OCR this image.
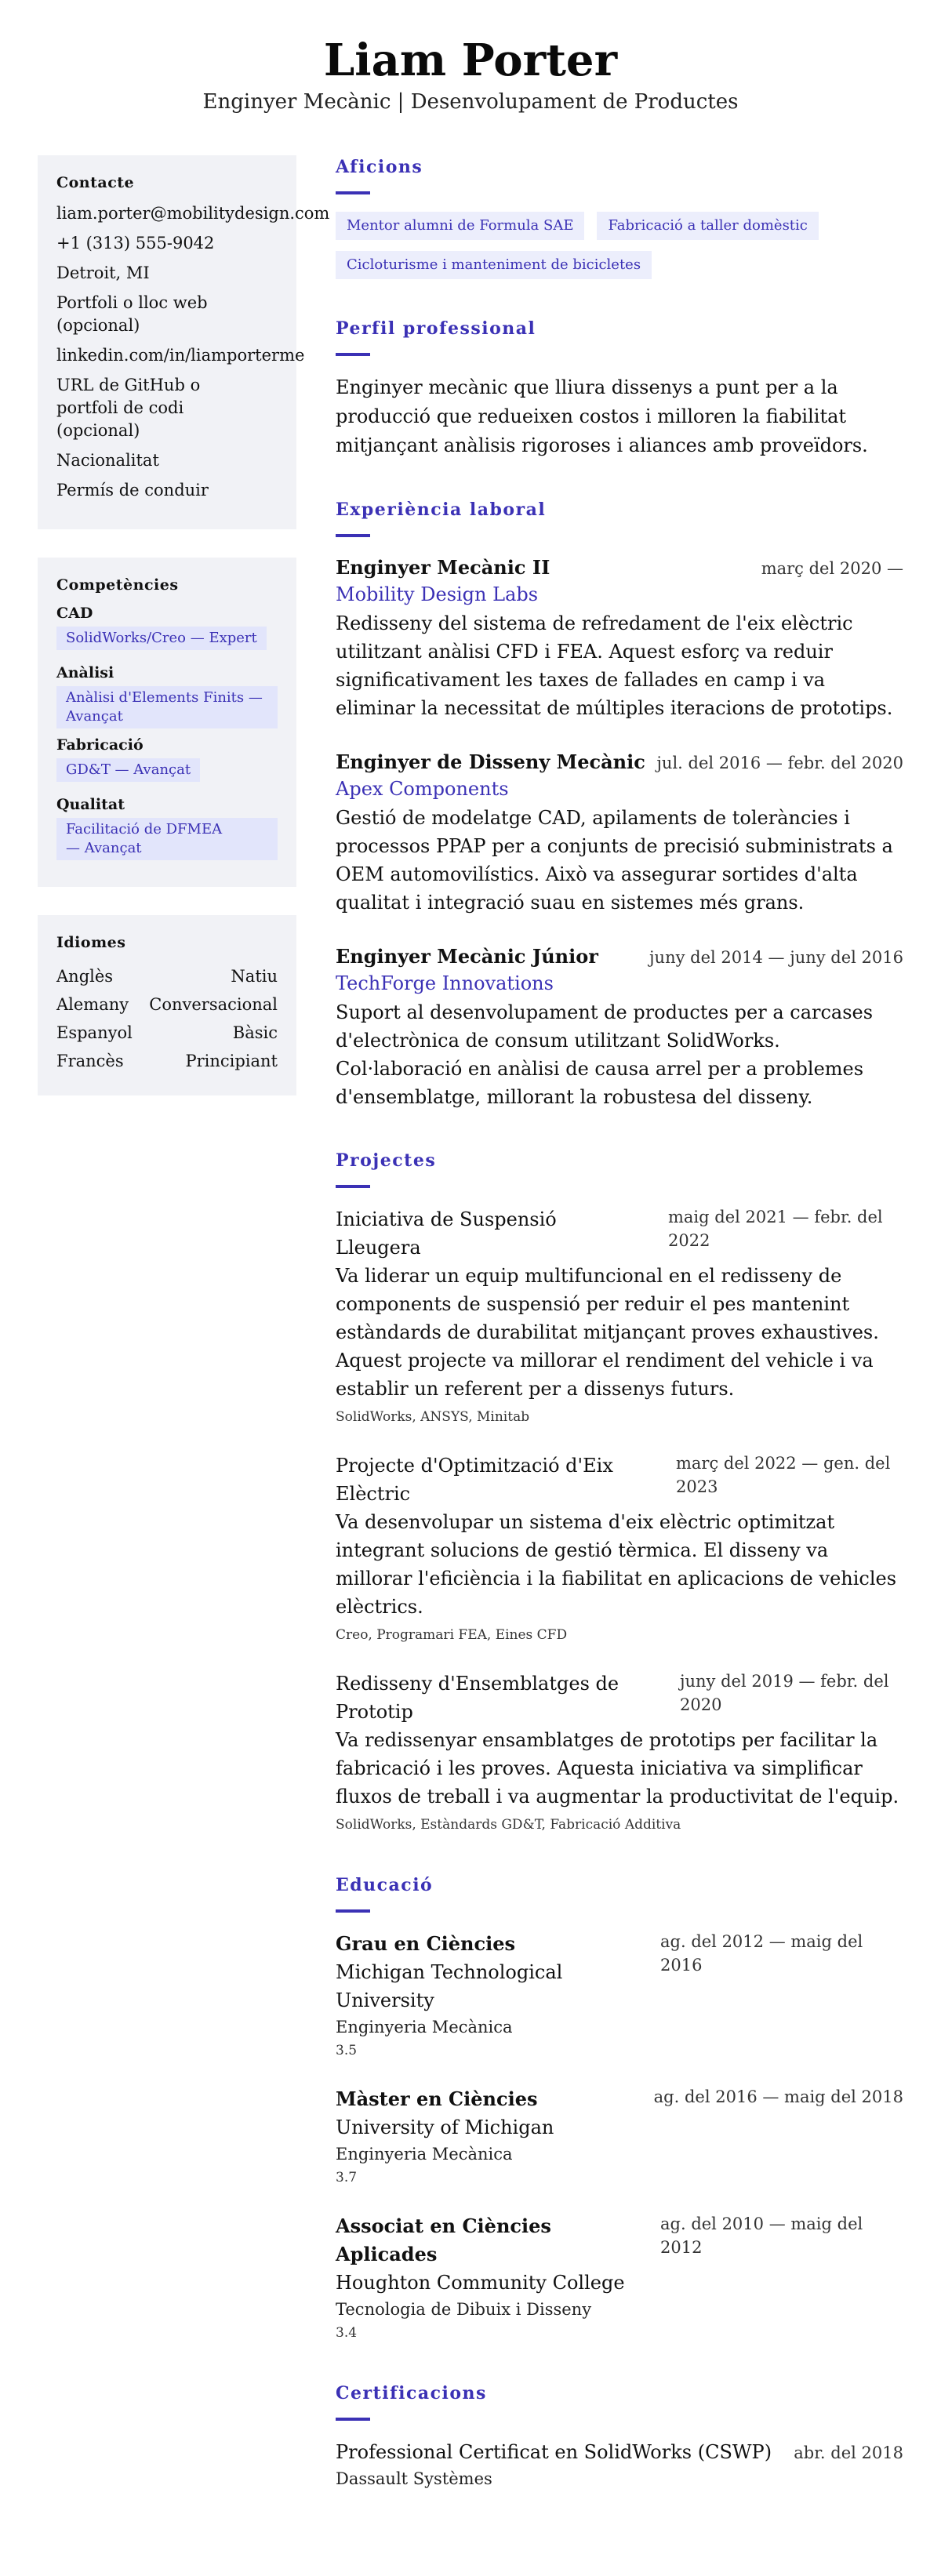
Liam Porter
Enginyer Mecànic | Desenvolupament de Productes
Contacte
liam.porter@mobilitydesign.com
+1 (313) 555-9042
Detroit, MI
Portfoli o lloc web (opcional)
linkedin.com/in/liamporterme
URL de GitHub o portfoli de codi (opcional)
Nacionalitat
Permís de conduir
Competències
CAD
SolidWorks/Creo — Expert
Anàlisi
Anàlisi d'Elements Finits — Avançat
Fabricació
GD&T — Avançat
Qualitat
Facilitació de DFMEA — Avançat
Idiomes
Anglès	Natiu
Alemany Conversacional
Espanyol	Bàsic
Francès	Principiant
Aficions
Mentor alumni de Formula SAE	Fabricació a taller domèstic
Cicloturisme i manteniment de bicicletes
Perfil professional

Enginyer mecànic que lliura dissenys a punt per a la producció que redueixen costos i milloren la fiabilitat mitjançant anàlisis rigoroses i aliances amb proveïdors.

Experiència laboral
Enginyer Mecànic II	març del 2020 —
Mobility Design Labs

Redisseny del sistema de refredament de l'eix elèctric utilitzant anàlisi CFD i FEA. Aquest esforç va reduir significativament les taxes de fallades en camp i va eliminar la necessitat de múltiples iteracions de prototips.

Enginyer de Disseny Mecànic jul. del 2016 — febr. del 2020
Apex Components

Gestió de modelatge CAD, apilaments de toleràncies i processos PPAP per a conjunts de precisió subministrats a OEM automovilístics. Això va assegurar sortides d'alta qualitat i integració suau en sistemes més grans.

Enginyer Mecànic Júnior	juny del 2014 — juny del 2016
TechForge Innovations

Suport al desenvolupament de productes per a carcases d'electrònica de consum utilitzant SolidWorks. Col·laboració en anàlisi de causa arrel per a problemes d'ensemblatge, millorant la robustesa del disseny.

Projectes
Iniciativa de Suspensió Lleugera
maig del 2021 — febr. del 2022

Va liderar un equip multifuncional en el redisseny de components de suspensió per reduir el pes mantenint estàndards de durabilitat mitjançant proves exhaustives. Aquest projecte va millorar el rendiment del vehicle i va establir un referent per a dissenys futurs.

SolidWorks, ANSYS, Minitab
Projecte d'Optimització d'Eix Elèctric
març del 2022 — gen. del 2023

Va desenvolupar un sistema d'eix elèctric optimitzat integrant solucions de gestió tèrmica. El disseny va millorar l'eficiència i la fiabilitat en aplicacions de vehicles elèctrics.

Creo, Programari FEA, Eines CFD
Redisseny d'Ensemblatges de Prototip
juny del 2019 — febr. del 2020

Va redissenyar ensamblatges de prototips per facilitar la fabricació i les proves. Aquesta iniciativa va simplificar fluxos de treball i va augmentar la productivitat de l'equip.

SolidWorks, Estàndards GD&T, Fabricació Additiva
Educació
Grau en Ciències
Michigan Technological University
Enginyeria Mecànica
3.5
ag. del 2012 — maig del 2016
Màster en Ciències
University of Michigan
Enginyeria Mecànica
3.7
ag. del 2016 — maig del 2018
Associat en Ciències Aplicades
Houghton Community College
Tecnologia de Dibuix i Disseny
3.4
ag. del 2010 — maig del 2012
Certificacions
Professional Certificat en SolidWorks (CSWP) abr. del 2018
Dassault Systèmes
